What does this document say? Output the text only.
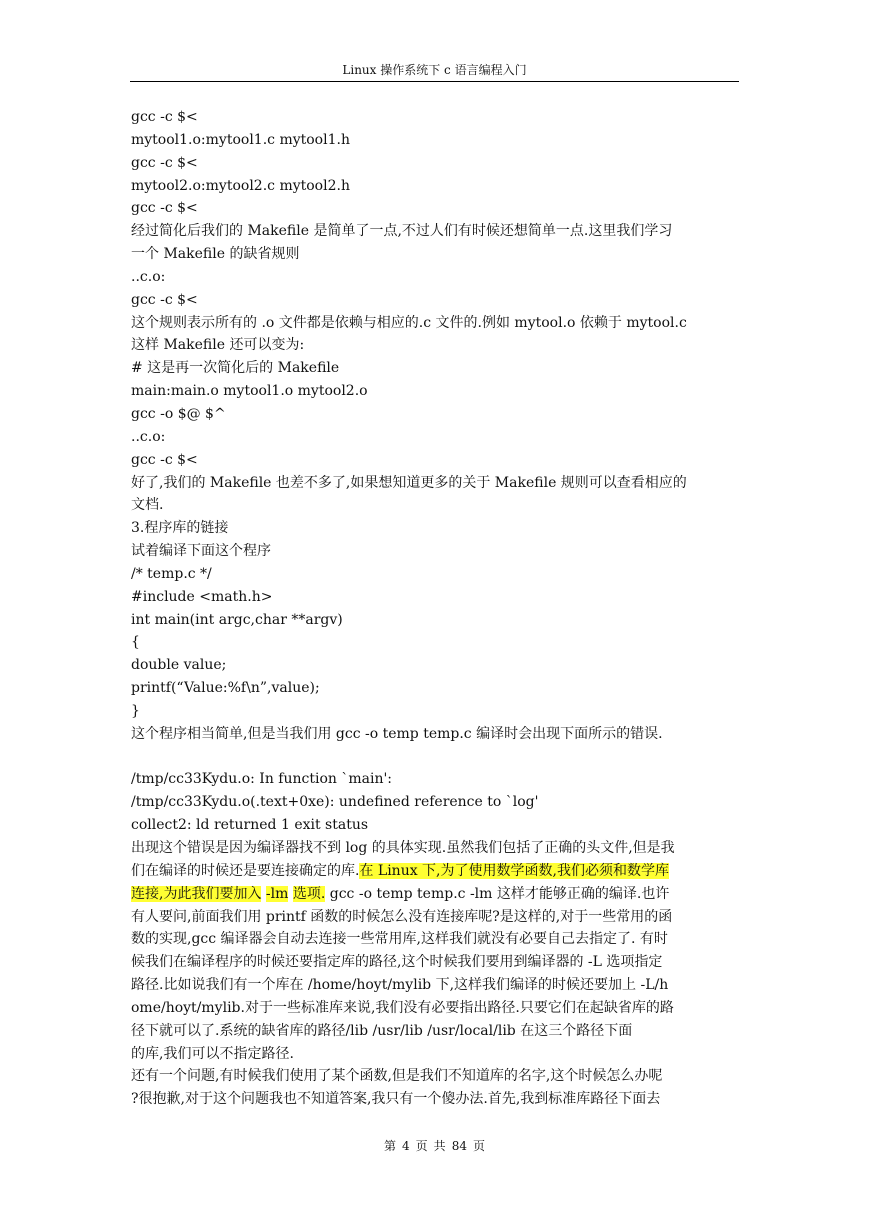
Linux 操作系统下 c 语言编程入门
gcc -c $<
mytool1.o:mytool1.c mytool1.h
gcc -c $<
mytool2.o:mytool2.c mytool2.h
gcc -c $<
经过简化后我们的 Makefile 是简单了一点,不过人们有时候还想简单一点.这里我们学习
一个 Makefile 的缺省规则
..c.o:
gcc -c $<
这个规则表示所有的 .o 文件都是依赖与相应的.c 文件的.例如 mytool.o 依赖于 mytool.c
这样 Makefile 还可以变为:
# 这是再一次简化后的 Makefile
main:main.o mytool1.o mytool2.o
gcc -o $@ $^
..c.o:
gcc -c $<
好了,我们的 Makefile 也差不多了,如果想知道更多的关于 Makefile 规则可以查看相应的
文档.
3.程序库的链接
试着编译下面这个程序
/* temp.c */
#include <math.h>
int main(int argc,char **argv)
{
double value;
printf(“Value:%f\n”,value);
}
这个程序相当简单,但是当我们用 gcc -o temp temp.c 编译时会出现下面所示的错误.
/tmp/cc33Kydu.o: In function `main':
/tmp/cc33Kydu.o(.text+0xe): undefined reference to `log'
collect2: ld returned 1 exit status
出现这个错误是因为编译器找不到 log 的具体实现.虽然我们包括了正确的头文件,但是我
们在编译的时候还是要连接确定的库.在 Linux 下,为了使用数学函数,我们必须和数学库
连接,为此我们要加入 -lm 选项. gcc -o temp temp.c -lm 这样才能够正确的编译.也许
有人要问,前面我们用 printf 函数的时候怎么没有连接库呢?是这样的,对于一些常用的函
数的实现,gcc 编译器会自动去连接一些常用库,这样我们就没有必要自己去指定了. 有时
候我们在编译程序的时候还要指定库的路径,这个时候我们要用到编译器的 -L 选项指定
路径.比如说我们有一个库在 /home/hoyt/mylib 下,这样我们编译的时候还要加上 -L/h
ome/hoyt/mylib.对于一些标准库来说,我们没有必要指出路径.只要它们在起缺省库的路
径下就可以了.系统的缺省库的路径/lib /usr/lib /usr/local/lib 在这三个路径下面
的库,我们可以不指定路径.
还有一个问题,有时候我们使用了某个函数,但是我们不知道库的名字,这个时候怎么办呢
?很抱歉,对于这个问题我也不知道答案,我只有一个傻办法.首先,我到标准库路径下面去
第 4 页 共 84 页
